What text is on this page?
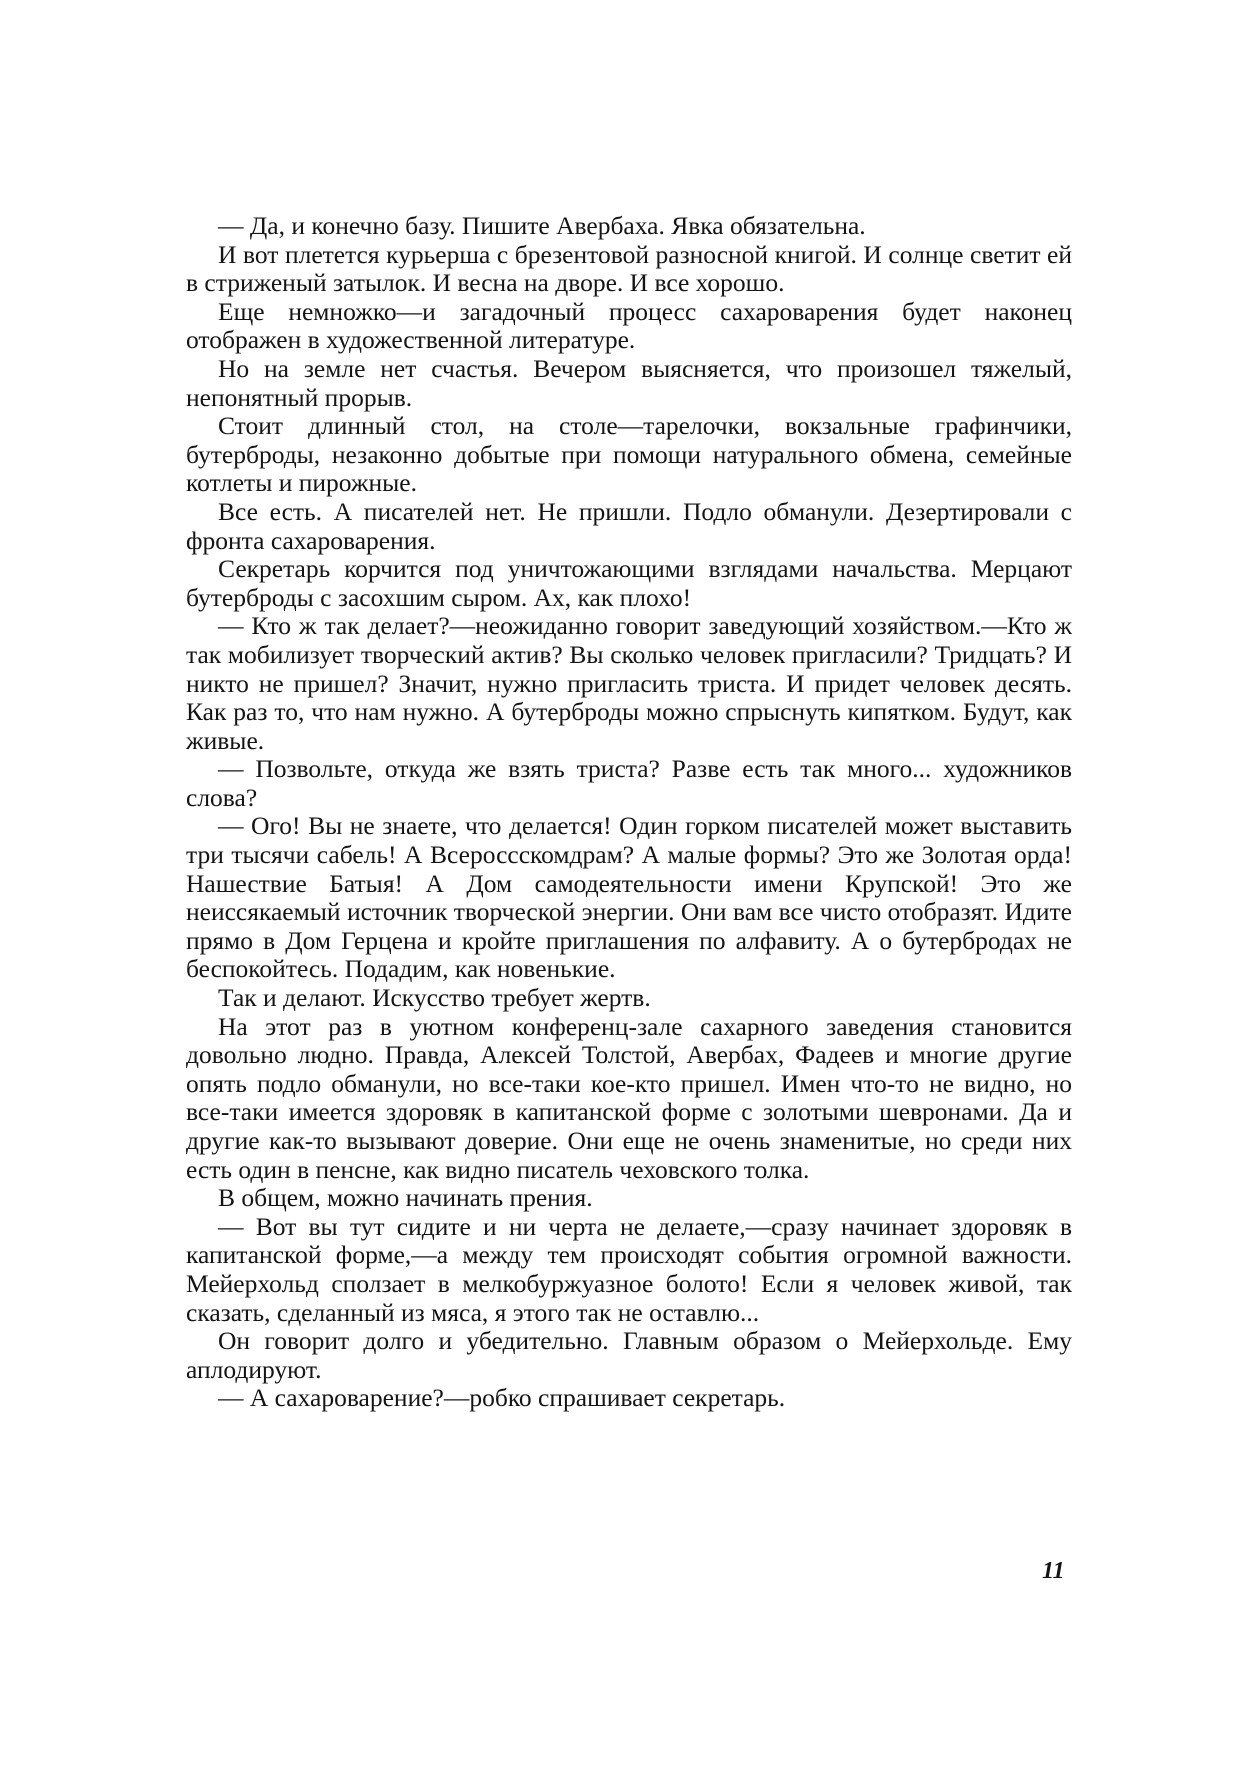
— Да, и конечно базу. Пишите Авербаха. Явка обязательна.

И вот плетется курьерша с брезентовой разносной книгой. И солнце светит ей в стриженый затылок. И весна на дворе. И все хорошо.

Еще немножко—и загадочный процесс сахароварения будет наконец отображен в художественной литературе.

Но на земле нет счастья. Вечером выясняется, что произошел тяжелый, непонятный прорыв.

Стоит длинный стол, на столе—тарелочки, вокзальные графинчики, бутерброды, незаконно добытые при помощи натурального обмена, семейные котлеты и пирожные.

Все есть. А писателей нет. Не пришли. Подло обманули. Дезертировали с фронта сахароварения.

Секретарь корчится под уничтожающими взглядами начальства. Мерцают бутерброды с засохшим сыром. Ах, как плохо!

— Кто ж так делает?—неожиданно говорит заведующий хозяйством.—Кто ж так мобилизует творческий актив? Вы сколько человек пригласили? Тридцать? И никто не пришел? Значит, нужно пригласить триста. И придет человек десять. Как раз то, что нам нужно. А бутерброды можно спрыснуть кипятком. Будут, как живые.

— Позвольте, откуда же взять триста? Разве есть так много... художников слова?

— Ого! Вы не знаете, что делается! Один горком писателей может выставить три тысячи сабель! А Всероссскомдрам? А малые формы? Это же Золотая орда! Нашествие Батыя! А Дом самодеятельности имени Крупской! Это же неиссякаемый источник творческой энергии. Они вам все чисто отобразят. Идите прямо в Дом Герцена и кройте приглашения по алфавиту. А о бутербродах не беспокойтесь. Подадим, как новенькие.

Так и делают. Искусство требует жертв.

На этот раз в уютном конференц-зале сахарного заведения становится довольно людно. Правда, Алексей Толстой, Авербах, Фадеев и многие другие опять подло обманули, но все-таки кое-кто пришел. Имен что-то не видно, но все-таки имеется здоровяк в капитанской форме с золотыми шевронами. Да и другие как-то вызывают доверие. Они еще не очень знаменитые, но среди них есть один в пенсне, как видно писатель чеховского толка.

В общем, можно начинать прения.

— Вот вы тут сидите и ни черта не делаете,—сразу начинает здоровяк в капитанской форме,—а между тем происходят события огромной важности. Мейерхольд сползает в мелкобуржуазное болото! Если я человек живой, так сказать, сделанный из мяса, я этого так не оставлю...

Он говорит долго и убедительно. Главным образом о Мейерхольде. Ему аплодируют.

— А сахароварение?—робко спрашивает секретарь.

11
